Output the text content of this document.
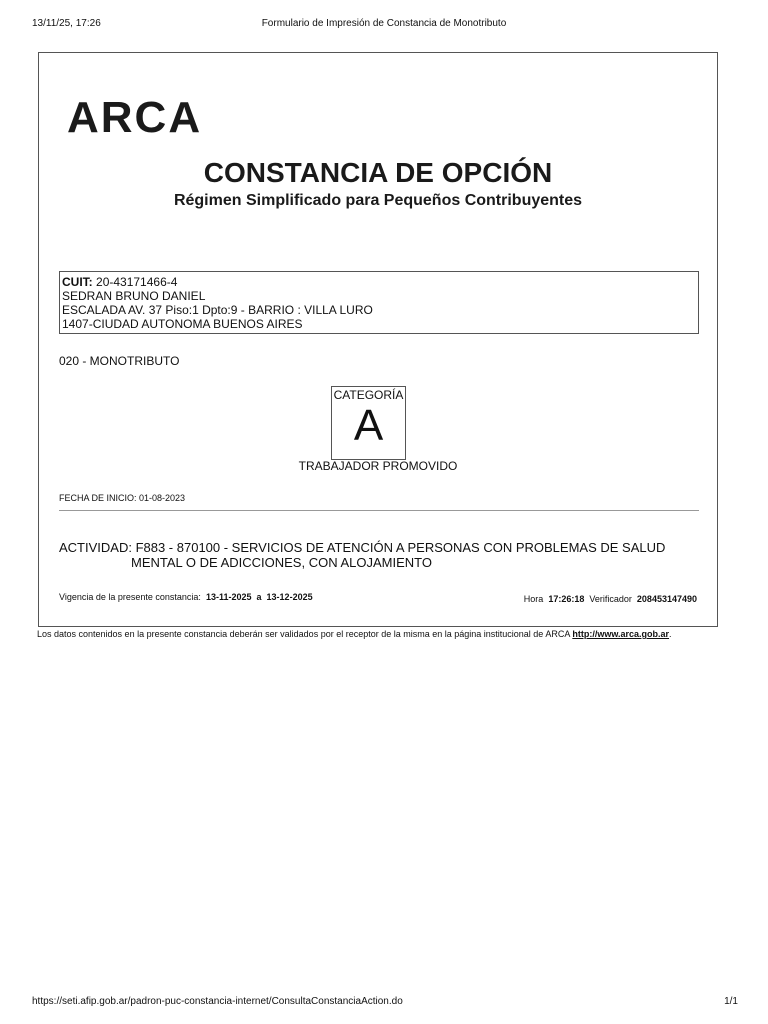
13/11/25, 17:26	Formulario de Impresión de Constancia de Monotributo
ARCA
CONSTANCIA DE OPCIÓN
Régimen Simplificado para Pequeños Contribuyentes
CUIT: 20-43171466-4
SEDRAN BRUNO DANIEL
ESCALADA AV. 37 Piso:1 Dpto:9 - BARRIO : VILLA LURO
1407-CIUDAD AUTONOMA BUENOS AIRES
020 - MONOTRIBUTO
CATEGORÍA
A
TRABAJADOR PROMOVIDO
FECHA DE INICIO: 01-08-2023
ACTIVIDAD: F883 - 870100 - SERVICIOS DE ATENCIÓN A PERSONAS CON PROBLEMAS DE SALUD
MENTAL O DE ADICCIONES, CON ALOJAMIENTO
Vigencia de la presente constancia: 13-11-2025 a 13-12-2025	Hora 17:26:18 Verificador 208453147490
Los datos contenidos en la presente constancia deberán ser validados por el receptor de la misma en la página institucional de ARCA http://www.arca.gob.ar.
https://seti.afip.gob.ar/padron-puc-constancia-internet/ConsultaConstanciaAction.do	1/1
